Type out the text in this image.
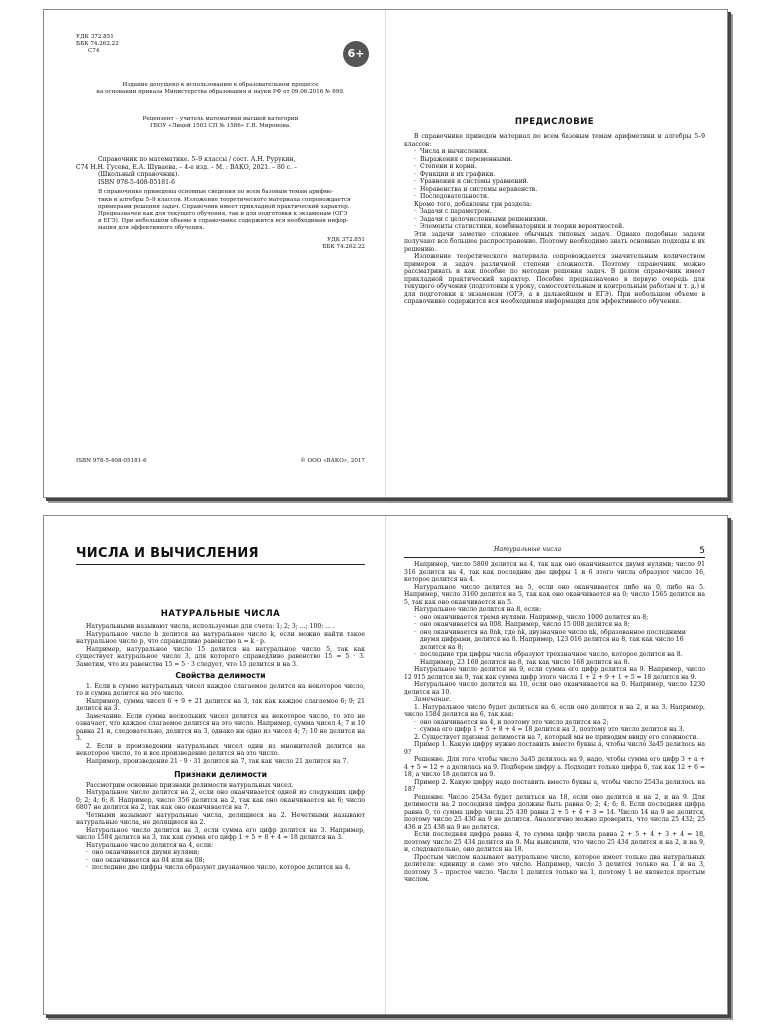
УДК 372.851

ББК 74.262.22

С74	6+

Издание допущено к использованию в образовательном процессе

на основании приказа Министерства образования и науки РФ от 09.06.2016 № 699.

Рецензент – учитель математики высшей категории

ГБОУ «Лицей 1503 СП № 1586» Г.В. Миронова.

Справочник по математике. 5–9 классы / сост. А.Н. Рурукин,

С74 Н.Н. Гусева, Е.А. Шуваева. – 4-е изд. – М. : ВАКО, 2021. – 80 с. –

(Школьный справочник).

ISBN 978-5-408-05181-6

В справочнике приведены основные сведения по всем базовым темам арифме-

тики и алгебры 5–9 классов. Изложение теоретического материала сопровождается

примерами решения задач. Справочник имеет прикладной практический характер.

Предназначен как для текущего обучения, так и для подготовки к экзаменам (ОГЭ

и ЕГЭ). При небольшом объеме в справочнике содержится вся необходимая инфор-

мация для эффективного обучения.

УДК 372.851

ББК 74.262.22

ISBN 978-5-408-05181-6	© ООО «ВАКО», 2017
ПРЕДИСЛОВИЕ

В справочнике приведен материал по всем базовым темам арифметики и алгебры 5–9 классов:

· Числа и вычисления.
· Выражения с переменными.
· Степени и корни.
· Функции и их графики.
· Уравнения и системы уравнений.
· Неравенства и системы неравенств.
· Последовательности.

Кроме того, добавлены три раздела:

· Задачи с параметром.
· Задачи с целочисленными решениями.
· Элементы статистики, комбинаторики и теории вероятностей.

Эти задачи заметно сложнее обычных типовых задач. Однако подобные задачи получают все большее распространение. Поэтому необходимо знать основные подходы к их решению.

Изложение теоретического материала сопровождается значительным количеством примеров и задач различной степени сложности. Поэтому справочник можно рассматривать и как пособие по методам решения задач. В целом справочник имеет прикладной практический характер. Пособие предназначено в первую очередь для текущего обучения (подготовки к уроку, самостоятельным и контрольным работам и т. д.) и для подготовки к экзаменам (ОГЭ, а в дальнейшем и ЕГЭ). При небольшом объеме в справочнике содержится вся необходимая информация для эффективного обучения.

ЧИСЛА И ВЫЧИСЛЕНИЯ
НАТУРАЛЬНЫЕ ЧИСЛА

Натуральными называют числа, используемые для счета: 1; 2; 3; ...; 100; ... .

Натуральное число b делится на натуральное число k, если можно найти такое натуральное число p, что справедливо равенство n = k · p.

Например, натуральное число 15 делится на натуральное число 5, так как существует натуральное число 3, для которого справедливо равенство 15 = 5 · 3. Заметим, что из равенства 15 = 5 · 3 следует, что 15 делится и на 3.

Свойства делимости

1. Если в сумме натуральных чисел каждое слагаемое делится на некоторое число, то и сумма делится на это число.

Например, сумма чисел 6 + 9 + 21 делится на 3, так как каждое слагаемое 6; 9; 21 делится на 3.

Замечание. Если сумма нескольких чисел делится на некоторое число, то это не означает, что каждое слагаемое делится на это число. Например, сумма чисел 4; 7 и 10 равна 21 и, следовательно, делится на 3, однако ни одно из чисел 4; 7; 10 не делится на 3.

2. Если в произведении натуральных чисел один из множителей делится на некоторое число, то и все произведение делится на это число.

Например, произведение 21 · 9 · 31 делится на 7, так как число 21 делится на 7.

Признаки делимости

Рассмотрим основные признаки делимости натуральных чисел.

Натуральное число делится на 2, если оно оканчивается одной из следующих цифр 0; 2; 4; 6; 8. Например, число 356 делится на 2, так как оно оканчивается на 6; число 6807 не делится на 2, так как оно оканчивается на 7.

Четными называют натуральные числа, делящиеся на 2. Нечетными называют натуральные числа, не делящиеся на 2.

Натуральное число делится на 3, если сумма его цифр делится на 3. Например, число 1584 делится на 3, так как сумма его цифр 1 + 5 + 8 + 4 = 18 делится на 3.

Натуральное число делится на 4, если:

· оно оканчивается двумя нулями;
· оно оканчивается на 04 или на 08;
· последние две цифры числа образуют двузначное число, которое делится на 4.
Натуральные числа	5

Например, число 5800 делится на 4, так как оно оканчивается двумя нулями; число 91 316 делится на 4, так как последние две цифры 1 и 6 этого числа образуют число 16, которое делится на 4.

Натуральное число делится на 5, если оно оканчивается либо на 0, либо на 5. Например, число 3160 делится на 5, так как оно оканчивается на 0; число 1565 делится на 5, так как оно оканчивается на 5.

Натуральное число делится на 8, если:

· оно оканчивается тремя нулями. Например, число 1000 делится на 8;
· оно оканчивается на 008. Например, число 15 008 делится на 8;
· оно оканчивается на 0nk, где nk, двузначное число nk, образованное последними двумя цифрами, делится на 8. Например, 123 016 делится на 8, так как число 16 делится на 8;
· последние три цифры числа образуют трехзначное число, которое делится на 8. Например, 23 168 делится на 8, так как число 168 делится на 8.

Натуральное число делится на 9, если сумма его цифр делится на 9. Например, число 12 915 делится на 9, так как сумма цифр этого числа 1 + 2 + 9 + 1 + 5 = 18 делится на 9.

Натуральное число делится на 10, если оно оканчивается на 0. Например, число 1230 делится на 10.

Замечание.

1. Натуральное число будет делиться на 6, если оно делится и на 2, и на 3. Например, число 1584 делится на 6, так как:

· оно оканчивается на 4, и поэтому это число делится на 2;
· сумма его цифр 1 + 5 + 8 + 4 = 18 делится на 3, поэтому это число делится на 3.

2. Существует признак делимости на 7, который мы не приводим ввиду его сложности.

Пример 1. Какую цифру нужно поставить вместо буквы a, чтобы число 3a45 делилось на 9?

Решение. Для того чтобы число 3a45 делилось на 9, надо, чтобы сумма его цифр 3 + a + 4 + 5 = 12 + a делилась на 9. Подберем цифру a. Подходит только цифра 6, так как 12 + 6 = 18, а число 18 делится на 9.

Пример 2. Какую цифру надо поставить вместо буквы a, чтобы число 2543a делилось на 18?

Решение. Число 2543a будет делиться на 18, если оно делится и на 2, и на 9. Для делимости на 2 последняя цифра должны быть равна 0; 2; 4; 6; 8. Если последняя цифра равна 0, то сумма цифр числа 25 430 равна 2 + 5 + 4 + 3 = 14. Число 14 на 9 не делится, поэтому число 25 430 на 9 не делится. Аналогично можно проверить, что числа 25 432; 25 436 и 25 438 на 9 не делятся.

Если последняя цифра равна 4, то сумма цифр числа равна 2 + 5 + 4 + 3 + 4 = 18, поэтому число 25 434 делится на 9. Мы выяснили, что число 25 434 делится и на 2, и на 9, и, следовательно, оно делится на 18.

Простым числом называют натуральное число, которое имеет только два натуральных делителя: единицу и само это число. Например, число 3 делится только на 1 и на 3, поэтому 3 – простое число. Число 1 делится только на 1, поэтому 1 не является простым числом.
